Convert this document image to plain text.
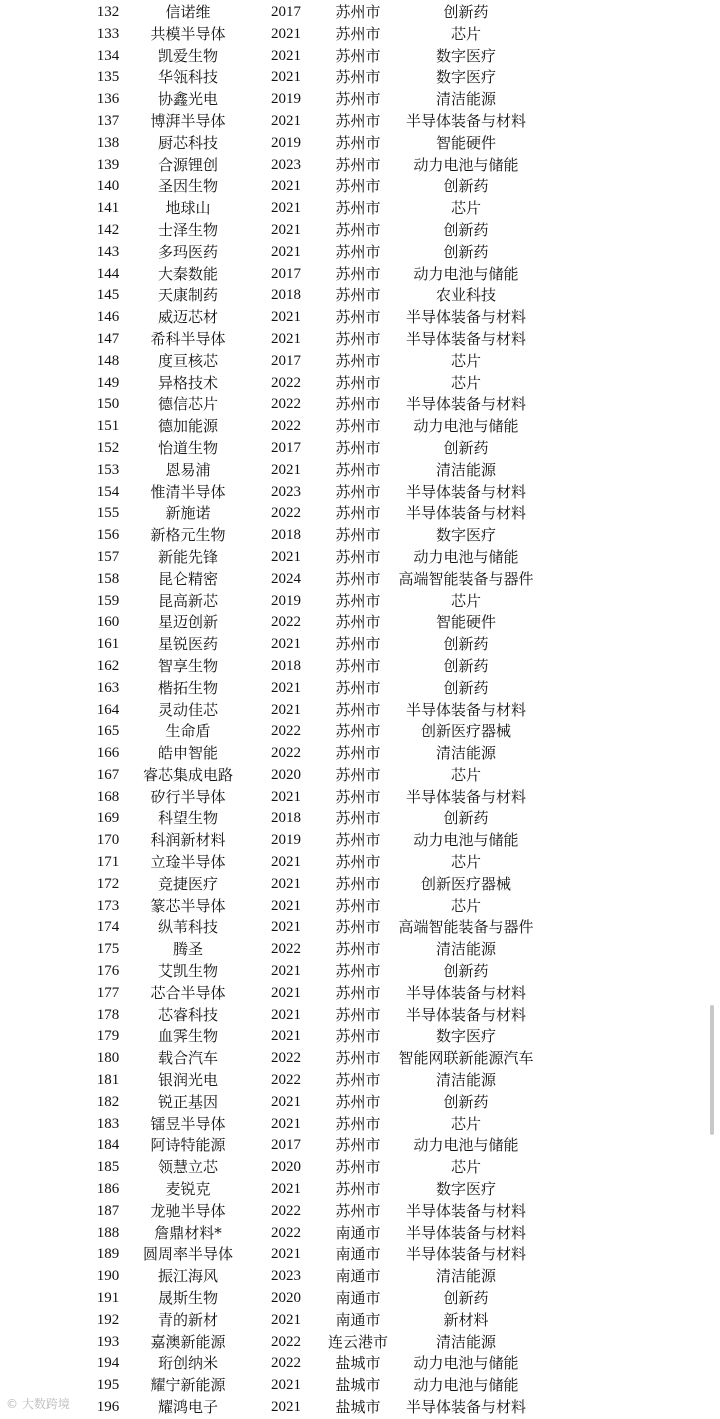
132	信诺维	2017	苏州市	创新药
133	共模半导体	2021	苏州市	芯片
134	凯爱生物	2021	苏州市	数字医疗
135	华瓴科技	2021	苏州市	数字医疗
136	协鑫光电	2019	苏州市	清洁能源
137	博湃半导体	2021	苏州市	半导体装备与材料
138	厨芯科技	2019	苏州市	智能硬件
139	合源锂创	2023	苏州市	动力电池与储能
140	圣因生物	2021	苏州市	创新药
141	地球山	2021	苏州市	芯片
142	士泽生物	2021	苏州市	创新药
143	多玛医药	2021	苏州市	创新药
144	大秦数能	2017	苏州市	动力电池与储能
145	天康制药	2018	苏州市	农业科技
146	威迈芯材	2021	苏州市	半导体装备与材料
147	希科半导体	2021	苏州市	半导体装备与材料
148	度亘核芯	2017	苏州市	芯片
149	异格技术	2022	苏州市	芯片
150	德信芯片	2022	苏州市	半导体装备与材料
151	德加能源	2022	苏州市	动力电池与储能
152	怡道生物	2017	苏州市	创新药
153	恩易浦	2021	苏州市	清洁能源
154	惟清半导体	2023	苏州市	半导体装备与材料
155	新施诺	2022	苏州市	半导体装备与材料
156	新格元生物	2018	苏州市	数字医疗
157	新能先锋	2021	苏州市	动力电池与储能
158	昆仑精密	2024	苏州市	高端智能装备与器件
159	昆高新芯	2019	苏州市	芯片
160	星迈创新	2022	苏州市	智能硬件
161	星锐医药	2021	苏州市	创新药
162	智享生物	2018	苏州市	创新药
163	楷拓生物	2021	苏州市	创新药
164	灵动佳芯	2021	苏州市	半导体装备与材料
165	生命盾	2022	苏州市	创新医疗器械
166	皓申智能	2022	苏州市	清洁能源
167	睿芯集成电路	2020	苏州市	芯片
168	矽行半导体	2021	苏州市	半导体装备与材料
169	科望生物	2018	苏州市	创新药
170	科润新材料	2019	苏州市	动力电池与储能
171	立琻半导体	2021	苏州市	芯片
172	竞捷医疗	2021	苏州市	创新医疗器械
173	篆芯半导体	2021	苏州市	芯片
174	纵苇科技	2021	苏州市	高端智能装备与器件
175	腾圣	2022	苏州市	清洁能源
176	艾凯生物	2021	苏州市	创新药
177	芯合半导体	2021	苏州市	半导体装备与材料
178	芯睿科技	2021	苏州市	半导体装备与材料
179	血霁生物	2021	苏州市	数字医疗
180	载合汽车	2022	苏州市	智能网联新能源汽车
181	银润光电	2022	苏州市	清洁能源
182	锐正基因	2021	苏州市	创新药
183	镭昱半导体	2021	苏州市	芯片
184	阿诗特能源	2017	苏州市	动力电池与储能
185	领慧立芯	2020	苏州市	芯片
186	麦锐克	2021	苏州市	数字医疗
187	龙驰半导体	2022	苏州市	半导体装备与材料
188	詹鼎材料*	2022	南通市	半导体装备与材料
189	圆周率半导体	2021	南通市	半导体装备与材料
190	振江海风	2023	南通市	清洁能源
191	晟斯生物	2020	南通市	创新药
192	青的新材	2021	南通市	新材料
193	嘉澳新能源	2022	连云港市	清洁能源
194	珩创纳米	2022	盐城市	动力电池与储能
195	耀宁新能源	2021	盐城市	动力电池与储能
196	耀鸿电子	2021	盐城市	半导体装备与材料
© 大数跨境
